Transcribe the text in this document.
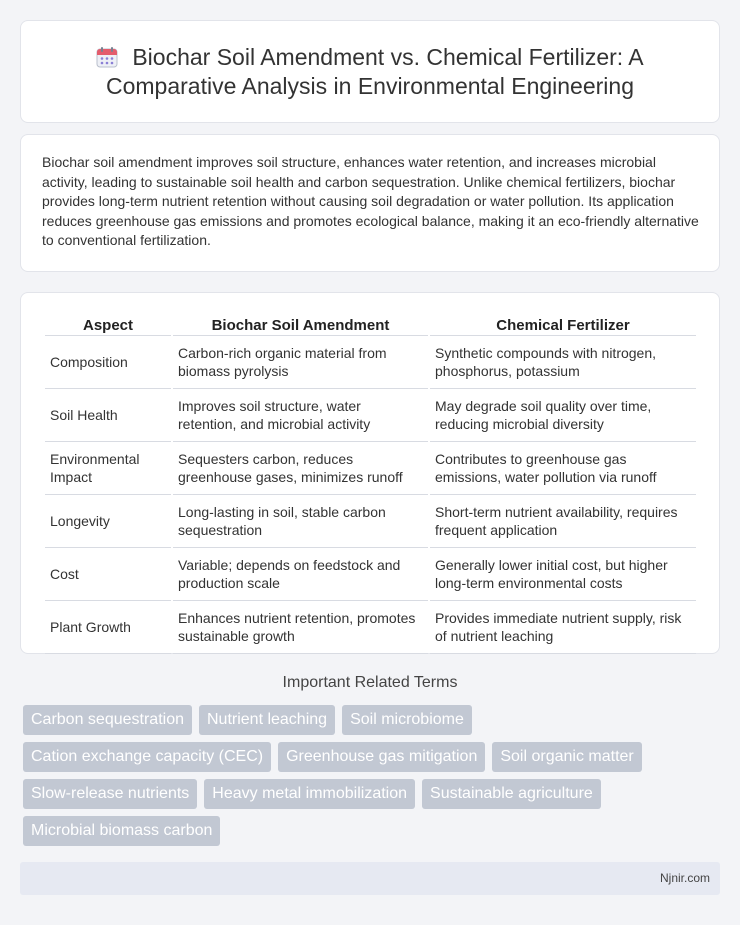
Biochar Soil Amendment vs. Chemical Fertilizer: A Comparative Analysis in Environmental Engineering

Biochar soil amendment improves soil structure, enhances water retention, and increases microbial activity, leading to sustainable soil health and carbon sequestration. Unlike chemical fertilizers, biochar provides long-term nutrient retention without causing soil degradation or water pollution. Its application reduces greenhouse gas emissions and promotes ecological balance, making it an eco-friendly alternative to conventional fertilization.

Aspect	Biochar Soil Amendment	Chemical Fertilizer
Composition	Carbon-rich organic material from biomass pyrolysis	Synthetic compounds with nitrogen, phosphorus, potassium
Soil Health	Improves soil structure, water retention, and microbial activity	May degrade soil quality over time, reducing microbial diversity
Environmental Impact	Sequesters carbon, reduces greenhouse gases, minimizes runoff	Contributes to greenhouse gas emissions, water pollution via runoff
Longevity	Long-lasting in soil, stable carbon sequestration	Short-term nutrient availability, requires frequent application
Cost	Variable; depends on feedstock and production scale	Generally lower initial cost, but higher long-term environmental costs
Plant Growth	Enhances nutrient retention, promotes sustainable growth	Provides immediate nutrient supply, risk of nutrient leaching
Important Related Terms
Carbon sequestration	Nutrient leaching	Soil microbiome
Cation exchange capacity (CEC)	Greenhouse gas mitigation	Soil organic matter
Slow-release nutrients	Heavy metal immobilization	Sustainable agriculture
Microbial biomass carbon
Njnir.com
